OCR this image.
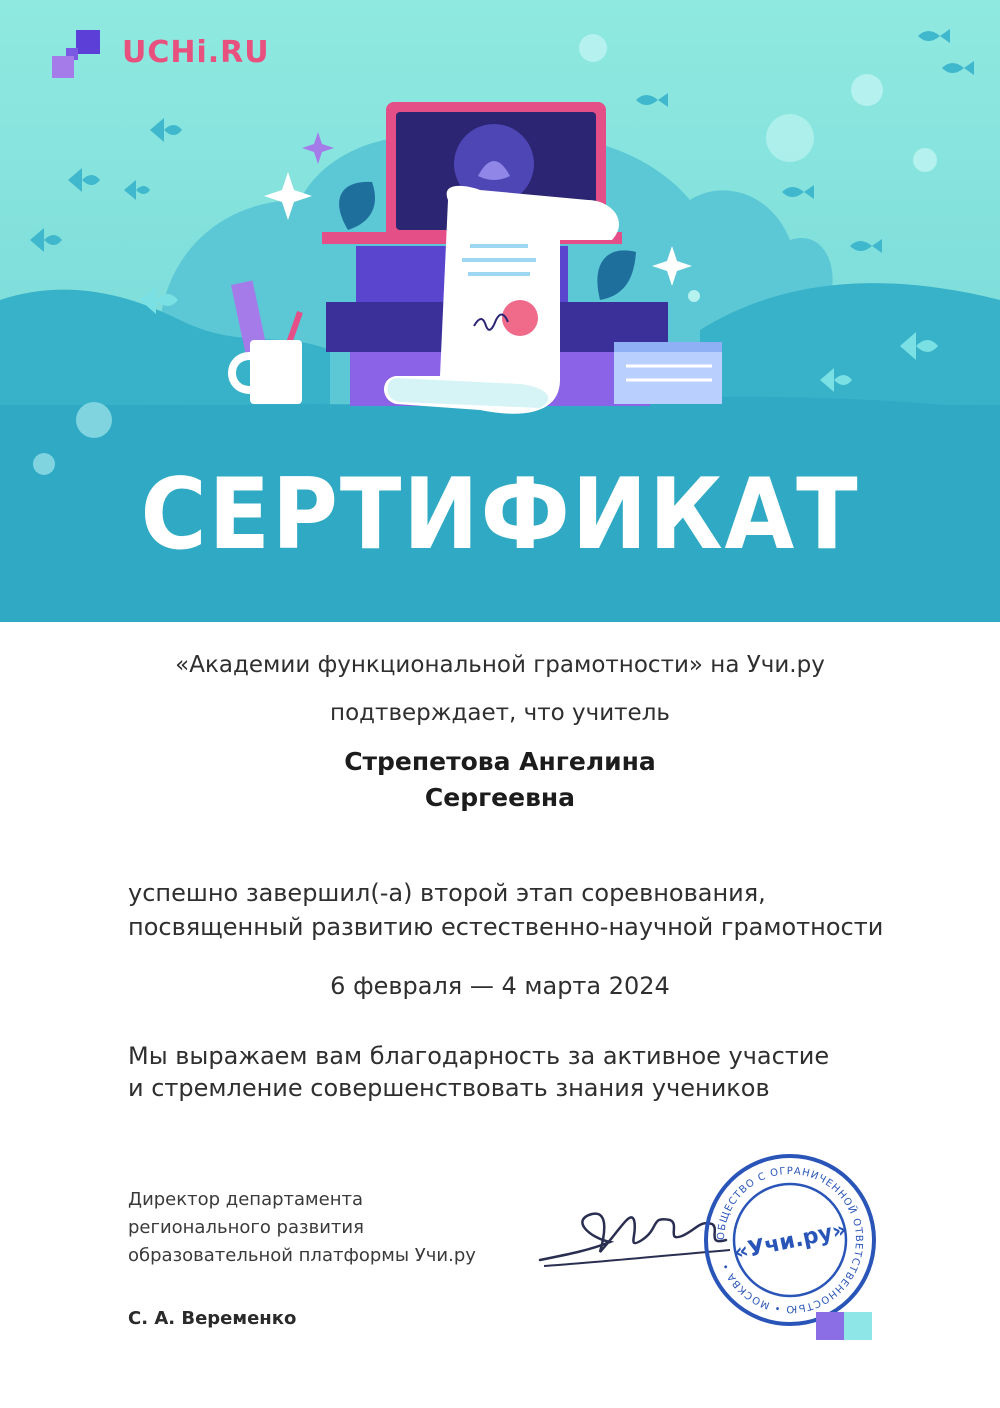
UCHi.RU
СЕРТИФИКАТ
«Академии функциональной грамотности» на Учи.ру
подтверждает, что учитель
Стрепетова Ангелина
Сергеевна
успешно завершил(-а) второй этап соревнования,
посвященный развитию естественно-научной грамотности
6 февраля — 4 марта 2024
Мы выражаем вам благодарность за активное участие
и стремление совершенствовать знания учеников
Директор департамента
регионального развития
образовательной платформы Учи.ру
С. А. Веременко
ОБЩЕСТВО С ОГРАНИЧЕННОЙ ОТВЕТСТВЕННОСТЬЮ • МОСКВА •
«Учи.ру»
